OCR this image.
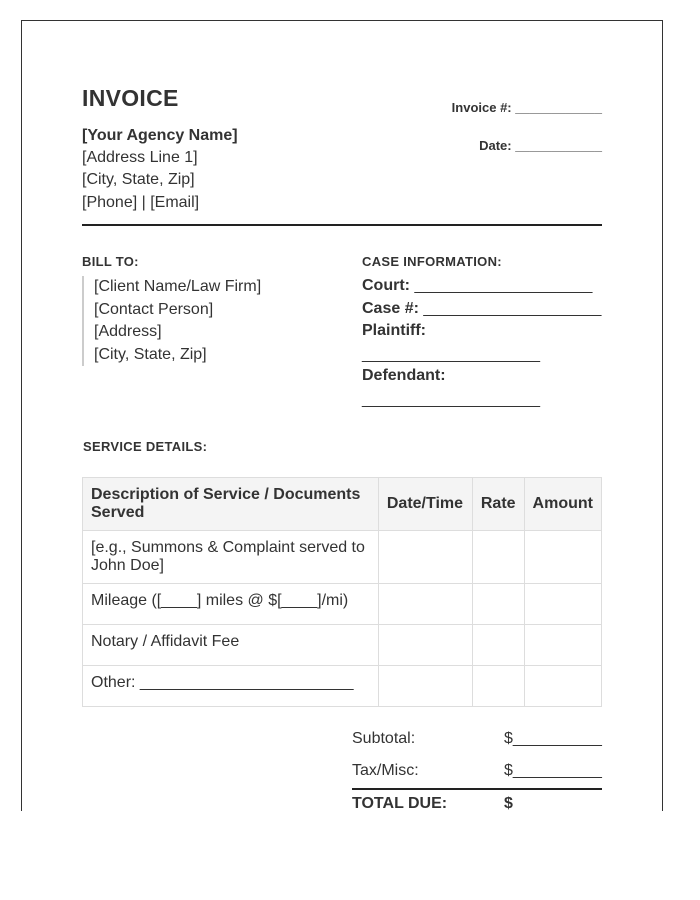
INVOICE
[Your Agency Name]
[Address Line 1]
[City, State, Zip]
[Phone] | [Email]
Invoice #: ____________
Date: ____________
BILL TO:
[Client Name/Law Firm]
[Contact Person]
[Address]
[City, State, Zip]
CASE INFORMATION:
Court: ____________________
Case #: ____________________
Plaintiff:
____________________
Defendant:
____________________
SERVICE DETAILS:
Description of Service / Documents Served	Date/Time	Rate	Amount
[e.g., Summons & Complaint served to John Doe]			
Mileage ([____] miles @ $[____]/mi)			
Notary / Affidavit Fee			
Other: ________________________			
Subtotal:	$__________
Tax/Misc:	$__________
TOTAL DUE:	$
